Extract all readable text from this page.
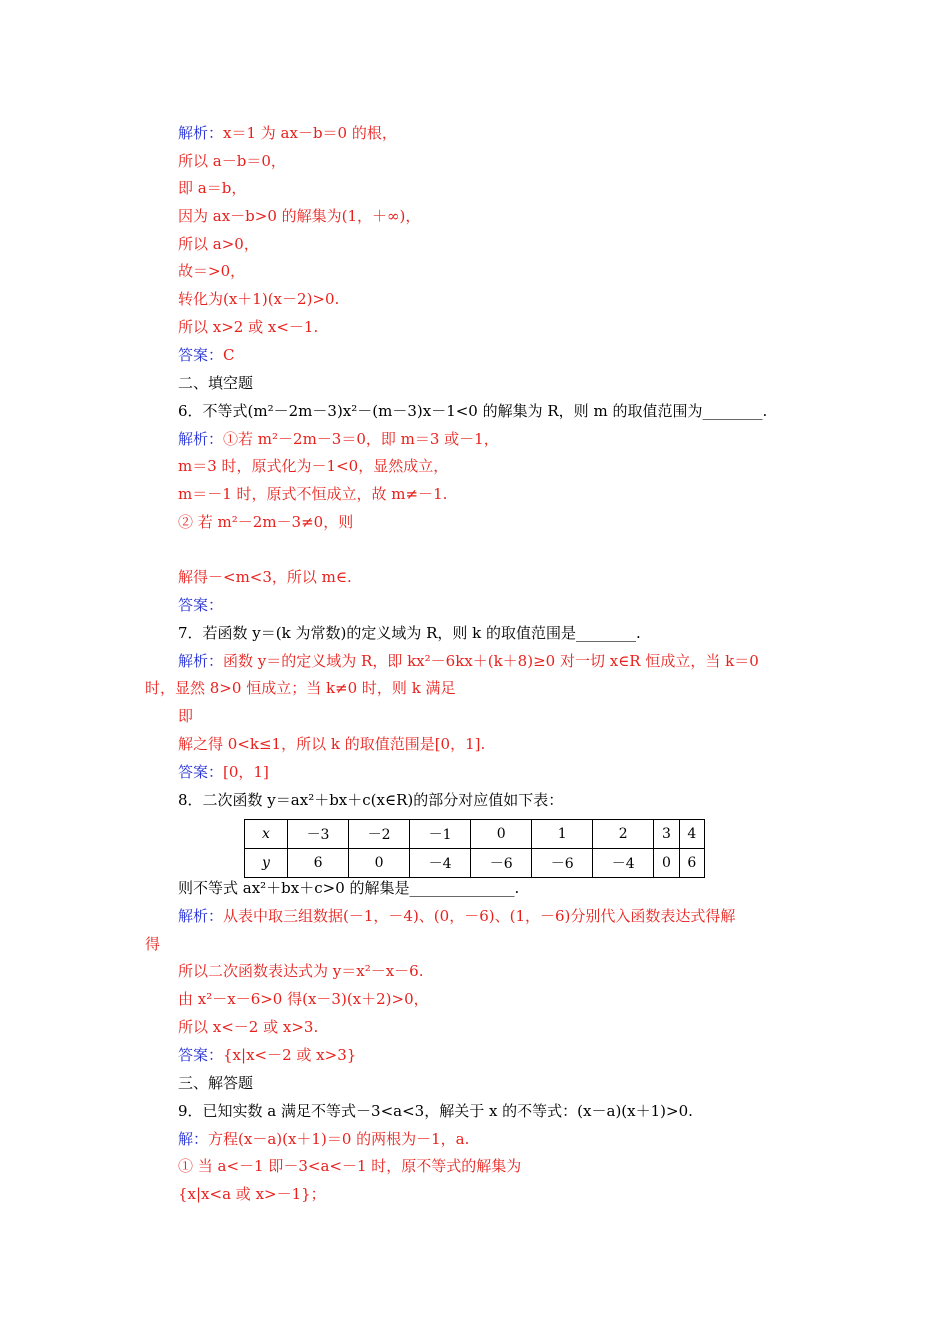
解析：x＝1 为 ax－b＝0 的根，
所以 a－b＝0，
即 a＝b，
因为 ax－b>0 的解集为(1，＋∞)，
所以 a>0，
故＝>0，
转化为(x＋1)(x－2)>0.
所以 x>2 或 x<－1.
答案：C
二、填空题
6．不等式(m²－2m－3)x²－(m－3)x－1<0 的解集为 R，则 m 的取值范围为________.
解析：①若 m²－2m－3＝0，即 m＝3 或－1，
m＝3 时，原式化为－1<0，显然成立，
m＝－1 时，原式不恒成立，故 m≠－1.
② 若 m²－2m－3≠0，则
解得－<m<3，所以 m∈.
答案：
7．若函数 y＝(k 为常数)的定义域为 R，则 k 的取值范围是________.
解析：函数 y＝的定义域为 R，即 kx²－6kx＋(k＋8)≥0 对一切 x∈R 恒成立，当 k＝0
时，显然 8>0 恒成立；当 k≠0 时，则 k 满足
即
解之得 0<k≤1，所以 k 的取值范围是[0，1].
答案：[0，1]
8．二次函数 y＝ax²＋bx＋c(x∈R)的部分对应值如下表：
x	－3	－2	－1	0	1	2	3	4
y	6	0	－4	－6	－6	－4	0	6
则不等式 ax²＋bx＋c>0 的解集是______________.
解析：从表中取三组数据(－1，－4)、(0，－6)、(1，－6)分别代入函数表达式得解
得
所以二次函数表达式为 y＝x²－x－6.
由 x²－x－6>0 得(x－3)(x＋2)>0，
所以 x<－2 或 x>3.
答案：{x|x<－2 或 x>3}
三、解答题
9．已知实数 a 满足不等式－3<a<3，解关于 x 的不等式：(x－a)(x＋1)>0.
解：方程(x－a)(x＋1)＝0 的两根为－1，a.
① 当 a<－1 即－3<a<－1 时，原不等式的解集为
{x|x<a 或 x>－1}；
